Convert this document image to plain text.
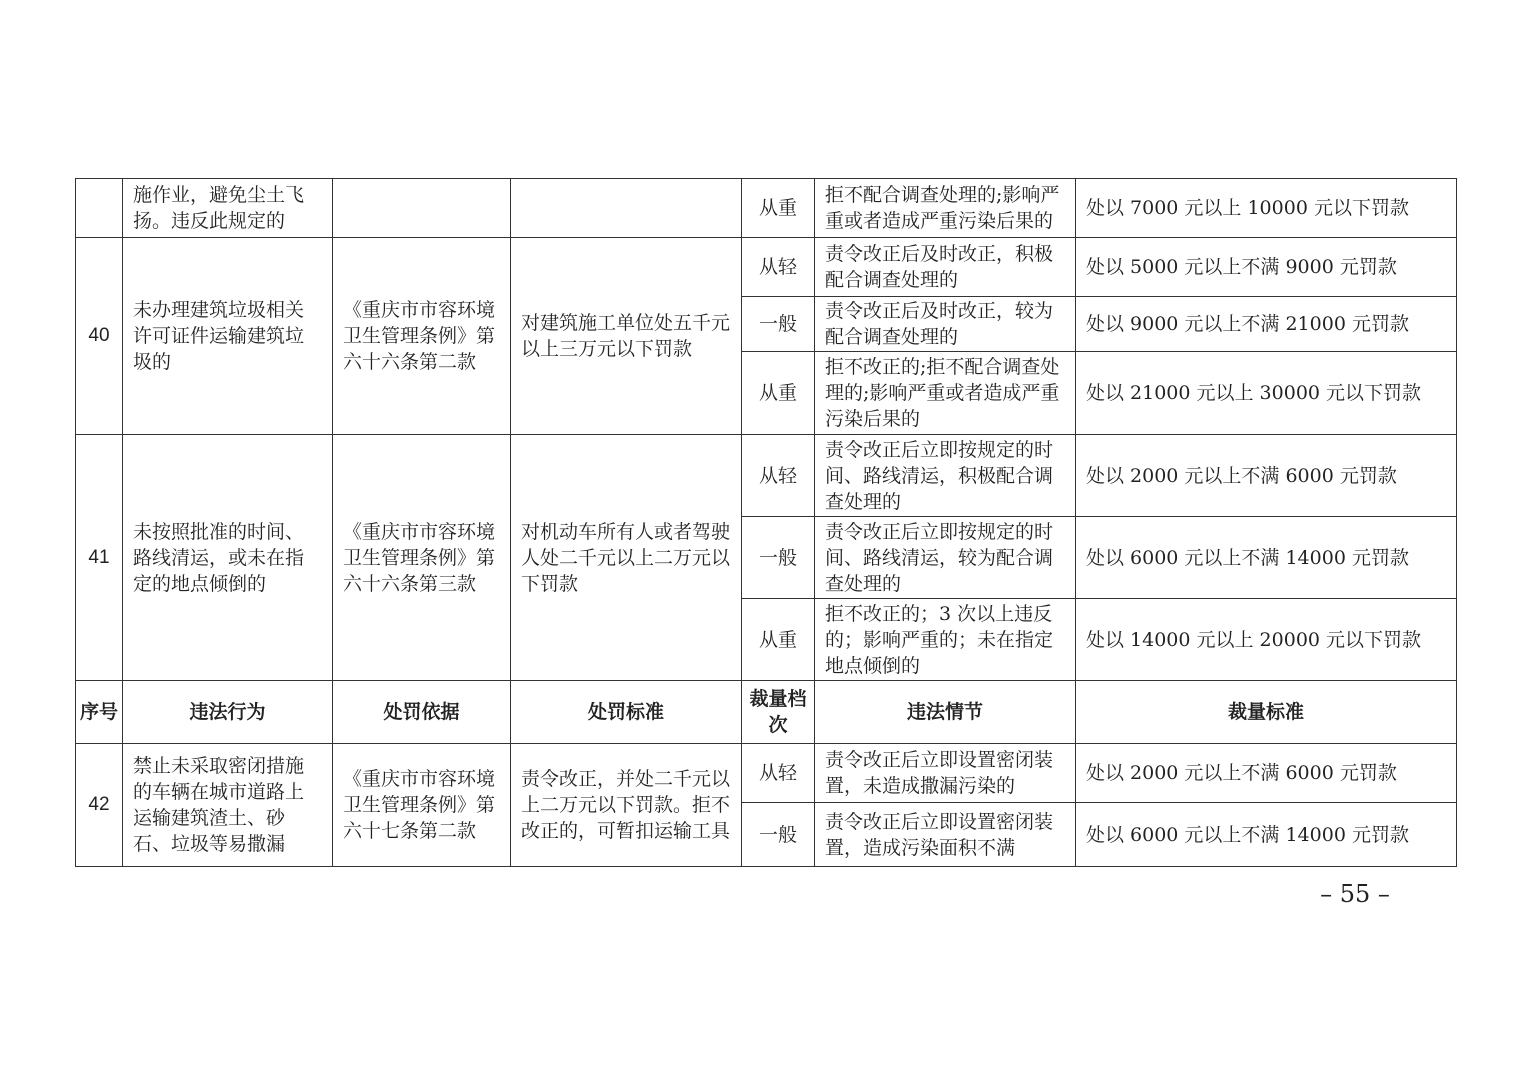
	施作业，避免尘土飞扬。违反此规定的			从重	拒不配合调查处理的;影响严重或者造成严重污染后果的	处以 7000 元以上 10000 元以下罚款
40	未办理建筑垃圾相关许可证件运输建筑垃圾的	《重庆市市容环境卫生管理条例》第六十六条第二款	对建筑施工单位处五千元以上三万元以下罚款	从轻	责令改正后及时改正，积极配合调查处理的	处以 5000 元以上不满 9000 元罚款
				一般	责令改正后及时改正，较为配合调查处理的	处以 9000 元以上不满 21000 元罚款
				从重	拒不改正的;拒不配合调查处理的;影响严重或者造成严重污染后果的	处以 21000 元以上 30000 元以下罚款
41	未按照批准的时间、路线清运，或未在指定的地点倾倒的	《重庆市市容环境卫生管理条例》第六十六条第三款	对机动车所有人或者驾驶人处二千元以上二万元以下罚款	从轻	责令改正后立即按规定的时间、路线清运，积极配合调查处理的	处以 2000 元以上不满 6000 元罚款
				一般	责令改正后立即按规定的时间、路线清运，较为配合调查处理的	处以 6000 元以上不满 14000 元罚款
				从重	拒不改正的；3 次以上违反的；影响严重的；未在指定地点倾倒的	处以 14000 元以上 20000 元以下罚款
序号	违法行为	处罚依据	处罚标准	裁量档次	违法情节	裁量标准
42	禁止未采取密闭措施的车辆在城市道路上运输建筑渣土、砂石、垃圾等易撒漏	《重庆市市容环境卫生管理条例》第六十七条第二款	责令改正，并处二千元以上二万元以下罚款。拒不改正的，可暂扣运输工具	从轻	责令改正后立即设置密闭装置，未造成撒漏污染的	处以 2000 元以上不满 6000 元罚款
				一般	责令改正后立即设置密闭装置，造成污染面积不满	处以 6000 元以上不满 14000 元罚款
– 55 –
